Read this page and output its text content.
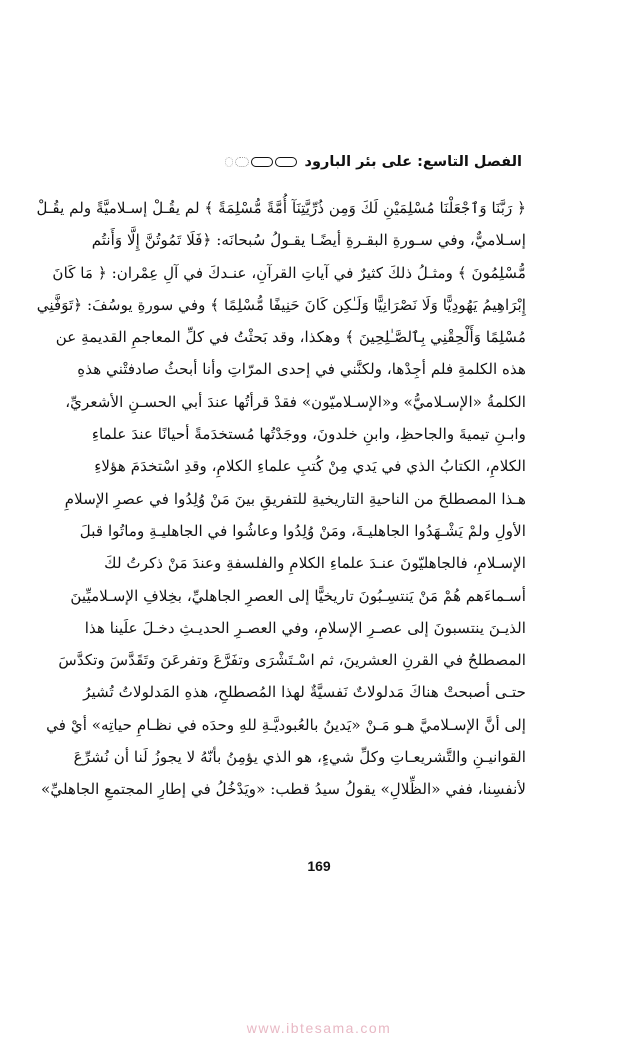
الفصل التاسع: على بئر البارود
﴿ رَبَّنَا وَٱجْعَلْنَا مُسْلِمَيْنِ لَكَ وَمِن ذُرِّيَّتِنَآ أُمَّةً مُّسْلِمَةً ﴾ لم يقُـلْ إسـلاميَّةً ولم يقُـلْ
إسـلاميٌّ، وفي سـورةِ البقـرةِ أيضًـا يقـولُ سُبحانَه: ﴿فَلَا تَمُوتُنَّ إِلَّا وَأَنتُم
مُّسْلِمُونَ ﴾ ومثـلُ ذلكَ كثيرٌ في آياتِ القرآنِ، عنـدكَ في آلِ عِمْران: ﴿ مَا كَانَ
إِبْرَاهِيمُ يَهُودِيًّا وَلَا نَصْرَانِيًّا وَلَـٰكِن كَانَ حَنِيفًا مُّسْلِمًا ﴾ وفي سورةِ يوسُفَ: ﴿تَوَفَّنِي
مُسْلِمًا وَأَلْحِقْنِي بِٱلصَّـٰلِحِينَ ﴾ وهكذا، وقد بَحثْتُ في كلِّ المعاجمِ القديمةِ عن
هذه الكلمةِ فلم أجِدْها، ولكنَّني في إحدى المرّاتِ وأنا أبحثُ صادفتْني هذهِ
الكلمةُ «الإسـلاميُّ» و«الإسـلاميّون» فقدْ قرأتُها عندَ أبي الحسـنِ الأشعريِّ،
وابـنِ تيميةَ والجاحظِ، وابنِ خلدونَ، ووجَدْتُها مُستخدَمةً أحيانًا عندَ علماءِ
الكلامِ، الكتابُ الذي في يَدي مِنْ كُتبِ علماءِ الكلامِ، وقدِ اسْتخدَمَ هؤلاءِ
هـذا المصطلحَ من الناحيةِ التاريخيةِ للتفريقِ بينَ مَنْ وُلِدُوا في عصرِ الإسلامِ
الأولِ ولمْ يَشْـهَدُوا الجاهليـةَ، ومَنْ وُلِدُوا وعاشُوا في الجاهليـةِ وماتُوا قبلَ
الإسـلامِ، فالجاهليّونَ عنـدَ علماءِ الكلامِ والفلسفةِ وعندَ مَنْ ذكرتُ لكَ
أسـماءَهم هُمْ مَنْ يَنتسِـبُونَ تاريخيًّا إلى العصرِ الجاهليِّ، بخِلافِ الإسـلاميِّينَ
الذيـنَ ينتسبونَ إلى عصـرِ الإسلامِ، وفي العصـرِ الحديـثِ دخـلَ علَينا هذا
المصطلحُ في القرنِ العشرينَ، ثم اسْـتَشْرَى وتفَرَّعَ وتفرعَنَ وتَقَدَّسَ وتكدَّسَ
حتـى أصبحتْ هناكَ مَدلولاتٌ نَفسيَّةٌ لهذا المُصطلحِ، هذهِ المَدلولاتُ تُشيرُ
إلى أنَّ الإسـلاميَّ هـو مَـنْ «يَدينُ بالعُبوديَّـةِ للهِ وحدَه في نظـامِ حياتِه» أيْ في
القوانيـنِ والتَّشريعـاتِ وكلِّ شيءٍ، هو الذي يؤمِنُ بأنّهُ لا يجوزُ لَنا أن نُشرِّعَ
لأنفسِنا، ففي «الظِّلالِ» يقولُ سيدُ قطب: «ويَدْخُلُ في إطارِ المجتمعِ الجاهليِّ»
169
www.ibtesama.com
